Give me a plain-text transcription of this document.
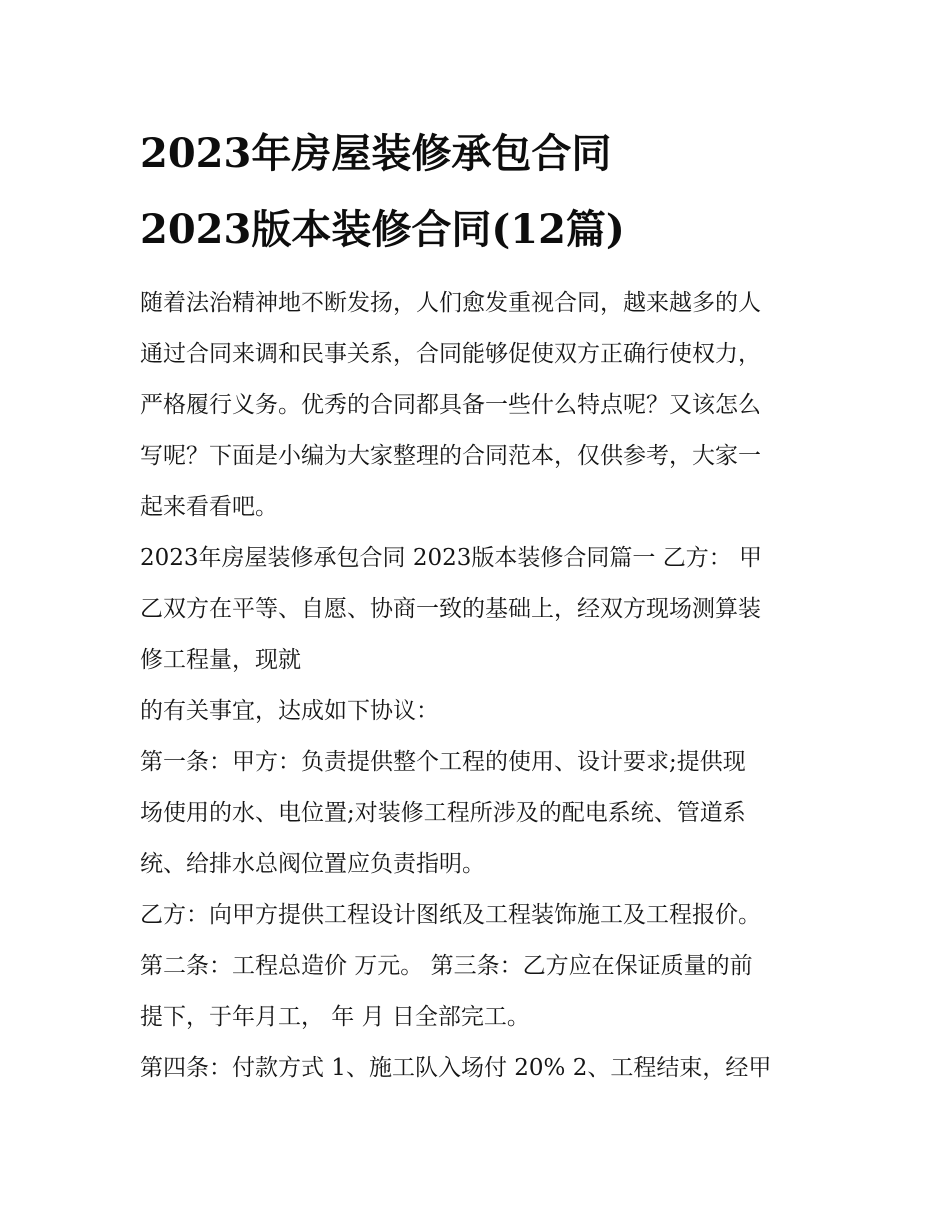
2023年房屋装修承包合同
2023版本装修合同(12篇)
随着法治精神地不断发扬，人们愈发重视合同，越来越多的人
通过合同来调和民事关系，合同能够促使双方正确行使权力，
严格履行义务。优秀的合同都具备一些什么特点呢？又该怎么
写呢？下面是小编为大家整理的合同范本，仅供参考，大家一
起来看看吧。
2023年房屋装修承包合同 2023版本装修合同篇一 乙方： 甲
乙双方在平等、自愿、协商一致的基础上，经双方现场测算装
修工程量，现就
的有关事宜，达成如下协议：
第一条：甲方：负责提供整个工程的使用、设计要求;提供现
场使用的水、电位置;对装修工程所涉及的配电系统、管道系
统、给排水总阀位置应负责指明。
乙方：向甲方提供工程设计图纸及工程装饰施工及工程报价。
第二条：工程总造价 万元。 第三条：乙方应在保证质量的前
提下，于年月工， 年 月 日全部完工。
第四条：付款方式 1、施工队入场付 20% 2、工程结束，经甲
